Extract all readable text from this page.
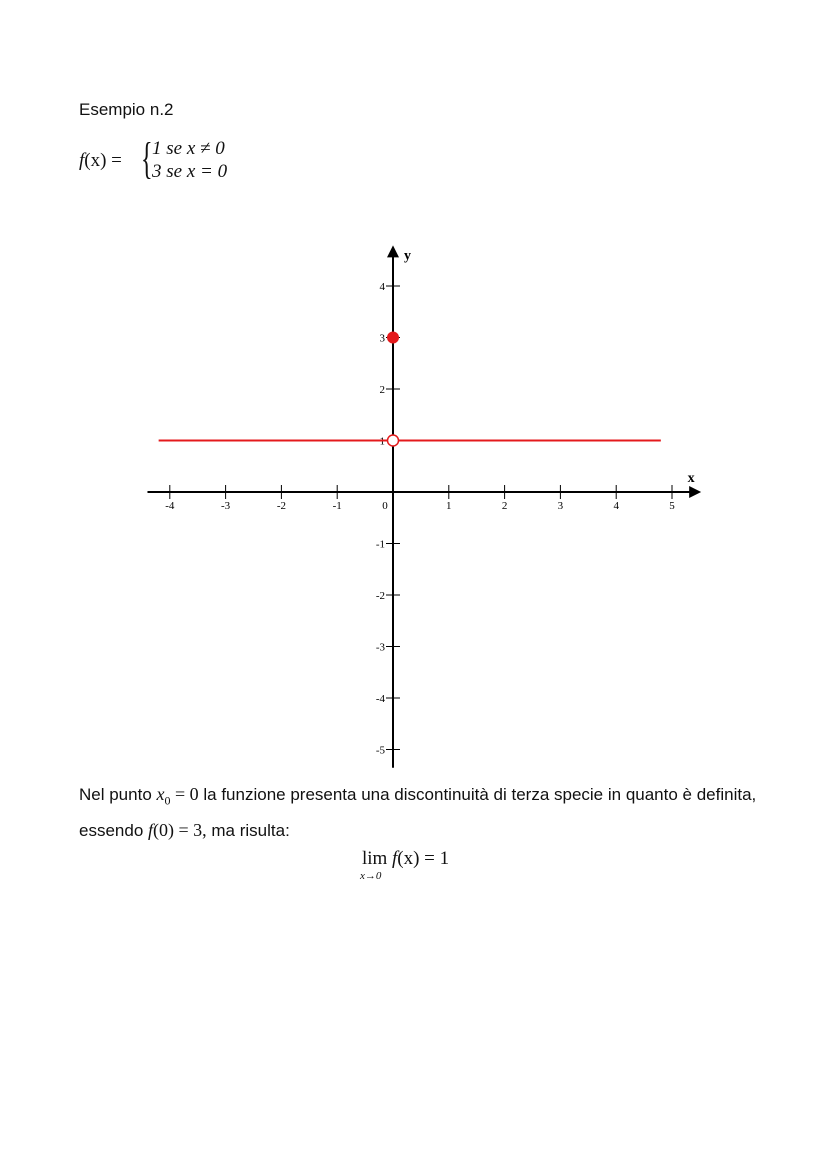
Esempio n.2
f(x) = { 1 se x ≠ 0
3 se x = 0
-4	-3	-2	-1	0	1	2	3	4	5
4
3
2
1
-1
-2
-3
-4
-5
x
y
Nel punto $x_0 = 0$ la funzione presenta una discontinuità di terza specie in quanto è definita, essendo f(0) = 3, ma risulta:
lim
x→0
f(x) = 1
